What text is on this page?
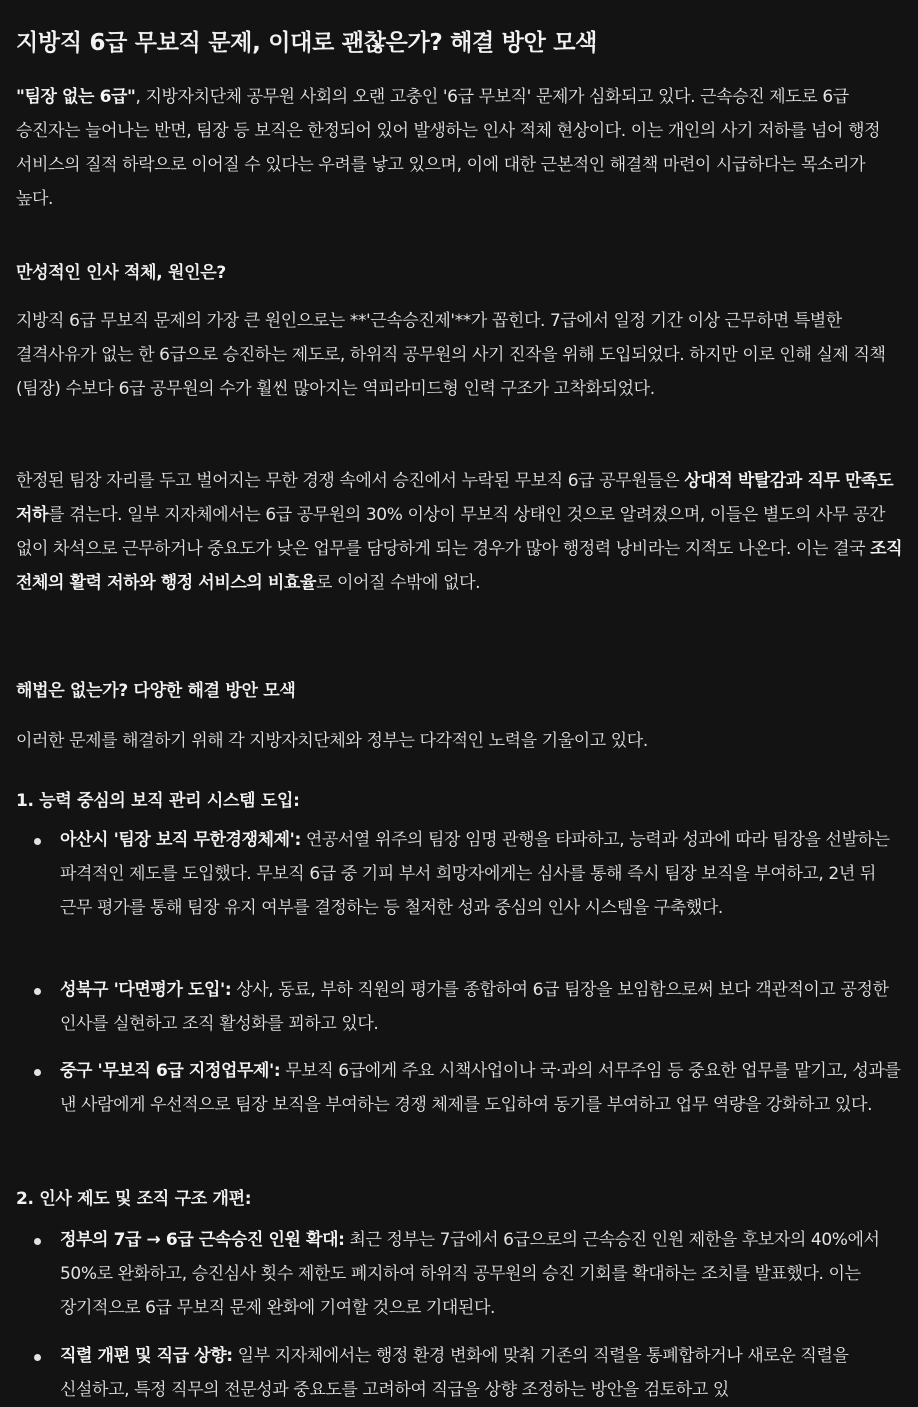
지방직 6급 무보직 문제, 이대로 괜찮은가? 해결 방안 모색

"팀장 없는 6급", 지방자치단체 공무원 사회의 오랜 고충인 '6급 무보직' 문제가 심화되고 있다. 근속승진 제도로 6급 승진자는 늘어나는 반면, 팀장 등 보직은 한정되어 있어 발생하는 인사 적체 현상이다. 이는 개인의 사기 저하를 넘어 행정 서비스의 질적 하락으로 이어질 수 있다는 우려를 낳고 있으며, 이에 대한 근본적인 해결책 마련이 시급하다는 목소리가 높다.

만성적인 인사 적체, 원인은?

지방직 6급 무보직 문제의 가장 큰 원인으로는 **'근속승진제'**가 꼽힌다. 7급에서 일정 기간 이상 근무하면 특별한 결격사유가 없는 한 6급으로 승진하는 제도로, 하위직 공무원의 사기 진작을 위해 도입되었다. 하지만 이로 인해 실제 직책(팀장) 수보다 6급 공무원의 수가 훨씬 많아지는 역피라미드형 인력 구조가 고착화되었다.

한정된 팀장 자리를 두고 벌어지는 무한 경쟁 속에서 승진에서 누락된 무보직 6급 공무원들은 상대적 박탈감과 직무 만족도 저하를 겪는다. 일부 지자체에서는 6급 공무원의 30% 이상이 무보직 상태인 것으로 알려졌으며, 이들은 별도의 사무 공간 없이 차석으로 근무하거나 중요도가 낮은 업무를 담당하게 되는 경우가 많아 행정력 낭비라는 지적도 나온다. 이는 결국 조직 전체의 활력 저하와 행정 서비스의 비효율로 이어질 수밖에 없다.

해법은 없는가? 다양한 해결 방안 모색

이러한 문제를 해결하기 위해 각 지방자치단체와 정부는 다각적인 노력을 기울이고 있다.

1. 능력 중심의 보직 관리 시스템 도입:
아산시 '팀장 보직 무한경쟁체제': 연공서열 위주의 팀장 임명 관행을 타파하고, 능력과 성과에 따라 팀장을 선발하는 파격적인 제도를 도입했다. 무보직 6급 중 기피 부서 희망자에게는 심사를 통해 즉시 팀장 보직을 부여하고, 2년 뒤 근무 평가를 통해 팀장 유지 여부를 결정하는 등 철저한 성과 중심의 인사 시스템을 구축했다.
성북구 '다면평가 도입': 상사, 동료, 부하 직원의 평가를 종합하여 6급 팀장을 보임함으로써 보다 객관적이고 공정한 인사를 실현하고 조직 활성화를 꾀하고 있다.
중구 '무보직 6급 지정업무제': 무보직 6급에게 주요 시책사업이나 국·과의 서무주임 등 중요한 업무를 맡기고, 성과를 낸 사람에게 우선적으로 팀장 보직을 부여하는 경쟁 체제를 도입하여 동기를 부여하고 업무 역량을 강화하고 있다.
2. 인사 제도 및 조직 구조 개편:
정부의 7급 → 6급 근속승진 인원 확대: 최근 정부는 7급에서 6급으로의 근속승진 인원 제한을 후보자의 40%에서 50%로 완화하고, 승진심사 횟수 제한도 폐지하여 하위직 공무원의 승진 기회를 확대하는 조치를 발표했다. 이는 장기적으로 6급 무보직 문제 완화에 기여할 것으로 기대된다.
직렬 개편 및 직급 상향: 일부 지자체에서는 행정 환경 변화에 맞춰 기존의 직렬을 통폐합하거나 새로운 직렬을 신설하고, 특정 직무의 전문성과 중요도를 고려하여 직급을 상향 조정하는 방안을 검토하고 있
